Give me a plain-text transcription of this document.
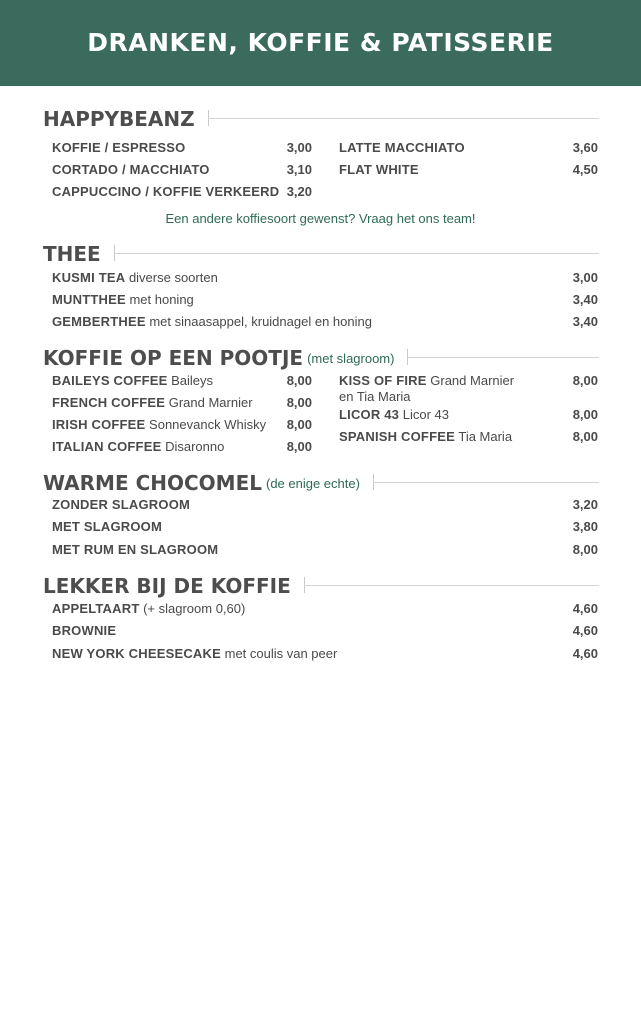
DRANKEN, KOFFIE & PATISSERIE
HAPPYBEANZ
KOFFIE / ESPRESSO	3,00
CORTADO / MACCHIATO	3,10
CAPPUCCINO / KOFFIE VERKEERD 3,20
LATTE MACCHIATO	3,60
FLAT WHITE	4,50
Een andere koffiesoort gewenst? Vraag het ons team!
THEE
KUSMI TEA diverse soorten	3,00
MUNTTHEE met honing	3,40
GEMBERTHEE met sinaasappel, kruidnagel en honing	3,40
KOFFIE OP EEN POOTJE (met slagroom)
BAILEYS COFFEE Baileys	8,00
FRENCH COFFEE Grand Marnier	8,00
IRISH COFFEE Sonnevanck Whisky	8,00
ITALIAN COFFEE Disaronno	8,00
KISS OF FIRE Grand Marnier
en Tia Maria
8,00
LICOR 43 Licor 43	8,00
SPANISH COFFEE Tia Maria	8,00
WARME CHOCOMEL (de enige echte)
ZONDER SLAGROOM	3,20
MET SLAGROOM	3,80
MET RUM EN SLAGROOM	8,00
LEKKER BIJ DE KOFFIE
APPELTAART (+ slagroom 0,60)	4,60
BROWNIE	4,60
NEW YORK CHEESECAKE met coulis van peer	4,60
